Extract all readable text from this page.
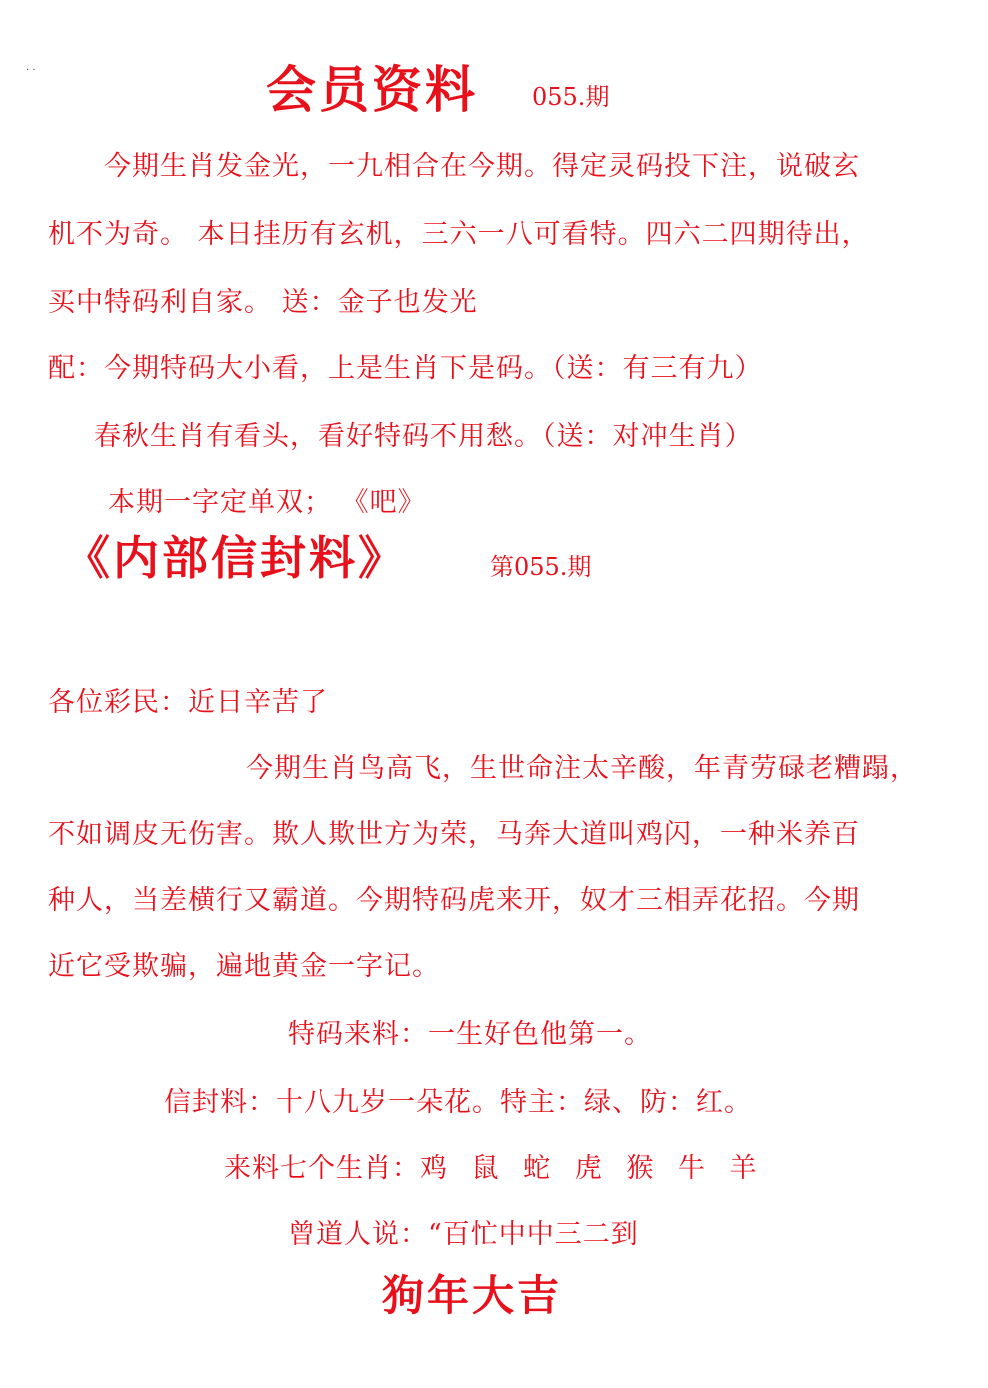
. .	会员资料 055.期
今期生肖发金光，一九相合在今期。得定灵码投下注，说破玄
机不为奇。 本日挂历有玄机，三六一八可看特。四六二四期待出，
买中特码利自家。 送：金子也发光
配：今期特码大小看，上是生肖下是码。（送：有三有九）
春秋生肖有看头，看好特码不用愁。（送：对冲生肖）
本期一字定单双； 《吧》
《内部信封料》	第055.期
各位彩民：近日辛苦了
今期生肖鸟高飞，生世命注太辛酸，年青劳碌老糟蹋，
不如调皮无伤害。欺人欺世方为荣，马奔大道叫鸡闪，一种米养百
种人，当差横行又霸道。今期特码虎来开，奴才三相弄花招。今期
近它受欺骗，遍地黄金一字记。
特码来料：一生好色他第一。
信封料：十八九岁一朵花。特主：绿、防：红。
来料七个生肖：鸡 鼠 蛇 虎 猴 牛 羊
曾道人说：“百忙中中三二到
狗年大吉
